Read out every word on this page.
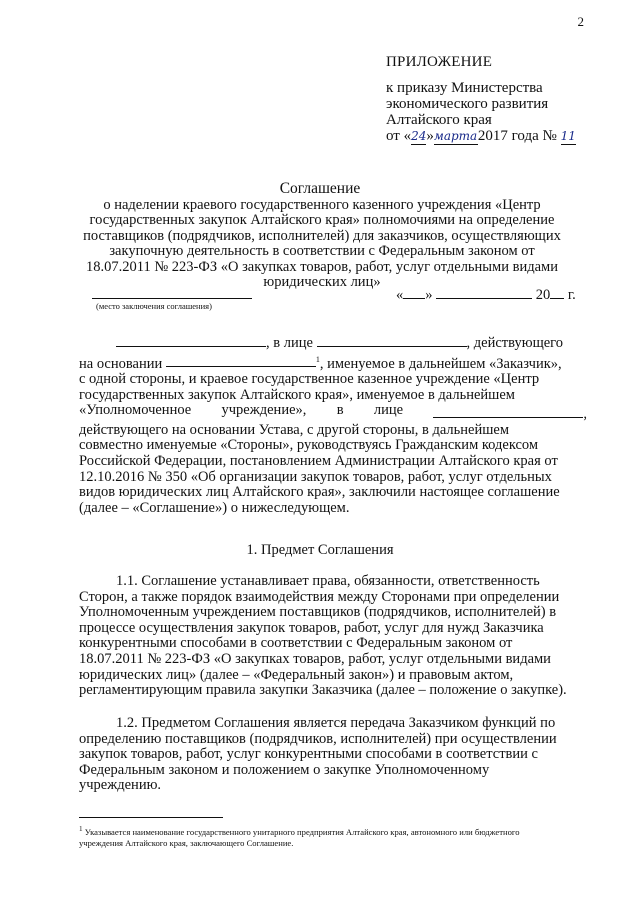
2
ПРИЛОЖЕНИЕ
к приказу Министерства
экономического развития
Алтайского края
от «24»марта2017 года № 11
Соглашение
о наделении краевого государственного казенного учреждения «Центр
государственных закупок Алтайского края» полномочиями на определение
поставщиков (подрядчиков, исполнителей) для заказчиков, осуществляющих
закупочную деятельность в соответствии с Федеральным законом от
18.07.2011 № 223-ФЗ «О закупках товаров, работ, услуг отдельными видами
юридических лиц»
(место заключения соглашения)
« »	20 г.
, в лице	, действующего
на основании	$^1$, именуемое в дальнейшем «Заказчик»,
с одной стороны, и краевое государственное казенное учреждение «Центр
государственных закупок Алтайского края», именуемое в дальнейшем
«Уполномоченное учреждение», в лице	,
действующего на основании Устава, с другой стороны, в дальнейшем
совместно именуемые «Стороны», руководствуясь Гражданским кодексом
Российской Федерации, постановлением Администрации Алтайского края от
12.10.2016 № 350 «Об организации закупок товаров, работ, услуг отдельных
видов юридических лиц Алтайского края», заключили настоящее соглашение
(далее – «Соглашение») о нижеследующем.
1. Предмет Соглашения
1.1. Соглашение устанавливает права, обязанности, ответственность
Сторон, а также порядок взаимодействия между Сторонами при определении
Уполномоченным учреждением поставщиков (подрядчиков, исполнителей) в
процессе осуществления закупок товаров, работ, услуг для нужд Заказчика
конкурентными способами в соответствии с Федеральным законом от
18.07.2011 № 223-ФЗ «О закупках товаров, работ, услуг отдельными видами
юридических лиц» (далее – «Федеральный закон») и правовым актом,
регламентирующим правила закупки Заказчика (далее – положение о закупке).
1.2. Предметом Соглашения является передача Заказчиком функций по
определению поставщиков (подрядчиков, исполнителей) при осуществлении
закупок товаров, работ, услуг конкурентными способами в соответствии с
Федеральным законом и положением о закупке Уполномоченному
учреждению.
$^1$ Указывается наименование государственного унитарного предприятия Алтайского края, автономного или бюджетного
учреждения Алтайского края, заключающего Соглашение.
